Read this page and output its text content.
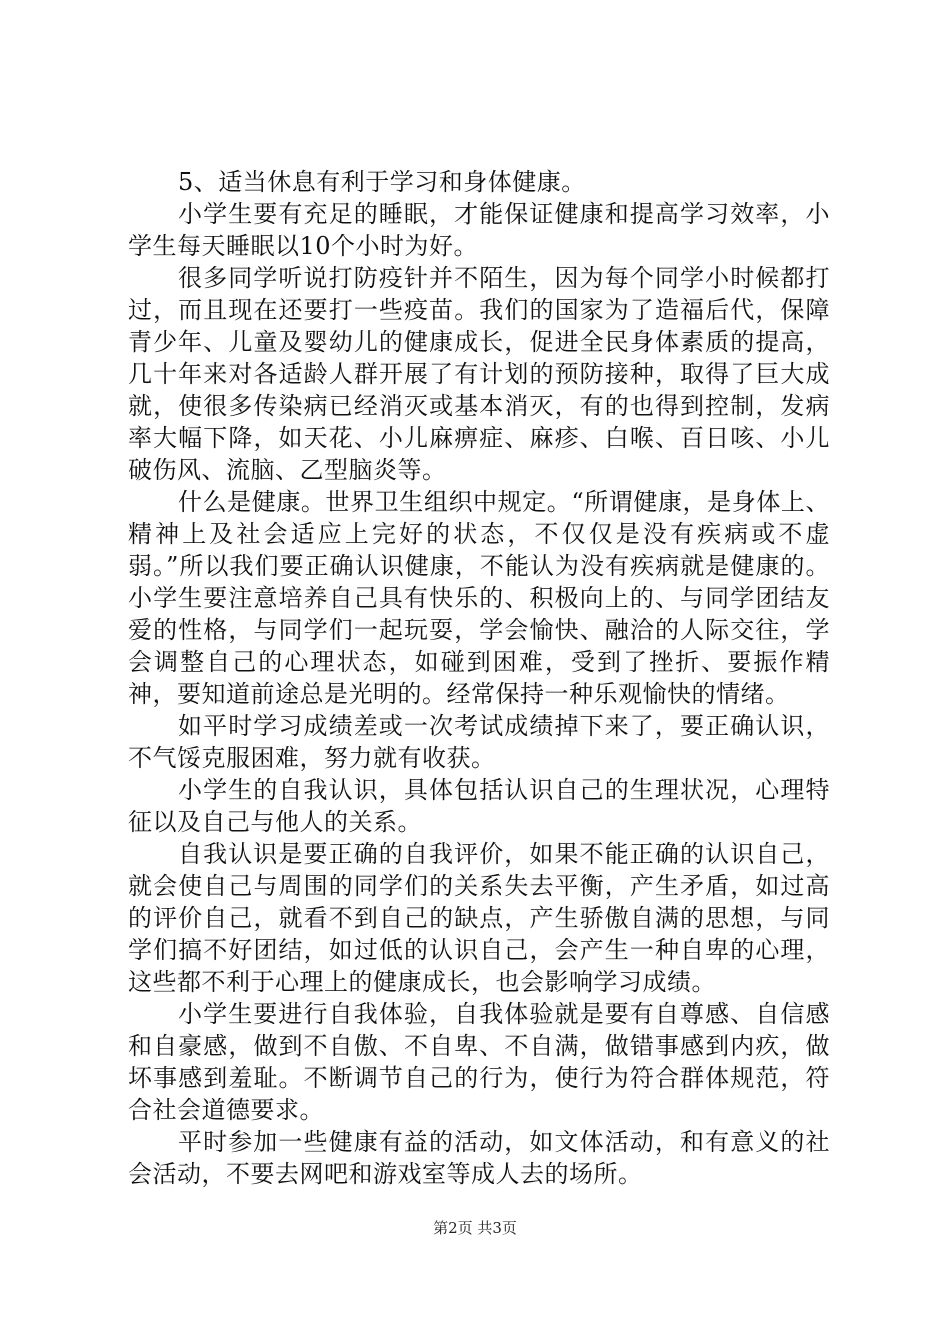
5、适当休息有利于学习和身体健康。

小学生要有充足的睡眠，才能保证健康和提高学习效率，小学生每天睡眠以10个小时为好。

很多同学听说打防疫针并不陌生，因为每个同学小时候都打过，而且现在还要打一些疫苗。我们的国家为了造福后代，保障青少年、儿童及婴幼儿的健康成长，促进全民身体素质的提高，几十年来对各适龄人群开展了有计划的预防接种，取得了巨大成就，使很多传染病已经消灭或基本消灭，有的也得到控制，发病率大幅下降，如天花、小儿麻痹症、麻疹、白喉、百日咳、小儿破伤风、流脑、乙型脑炎等。

什么是健康。世界卫生组织中规定。“所谓健康，是身体上、精神上及社会适应上完好的状态，不仅仅是没有疾病或不虚弱。”所以我们要正确认识健康，不能认为没有疾病就是健康的。小学生要注意培养自己具有快乐的、积极向上的、与同学团结友爱的性格，与同学们一起玩耍，学会愉快、融洽的人际交往，学会调整自己的心理状态，如碰到困难，受到了挫折、要振作精神，要知道前途总是光明的。经常保持一种乐观愉快的情绪。

如平时学习成绩差或一次考试成绩掉下来了，要正确认识，不气馁克服困难，努力就有收获。

小学生的自我认识，具体包括认识自己的生理状况，心理特征以及自己与他人的关系。

自我认识是要正确的自我评价，如果不能正确的认识自己，就会使自己与周围的同学们的关系失去平衡，产生矛盾，如过高的评价自己，就看不到自己的缺点，产生骄傲自满的思想，与同学们搞不好团结，如过低的认识自己，会产生一种自卑的心理，这些都不利于心理上的健康成长，也会影响学习成绩。

小学生要进行自我体验，自我体验就是要有自尊感、自信感和自豪感，做到不自傲、不自卑、不自满，做错事感到内疚，做坏事感到羞耻。不断调节自己的行为，使行为符合群体规范，符合社会道德要求。

平时参加一些健康有益的活动，如文体活动，和有意义的社会活动，不要去网吧和游戏室等成人去的场所。

第2页 共3页
